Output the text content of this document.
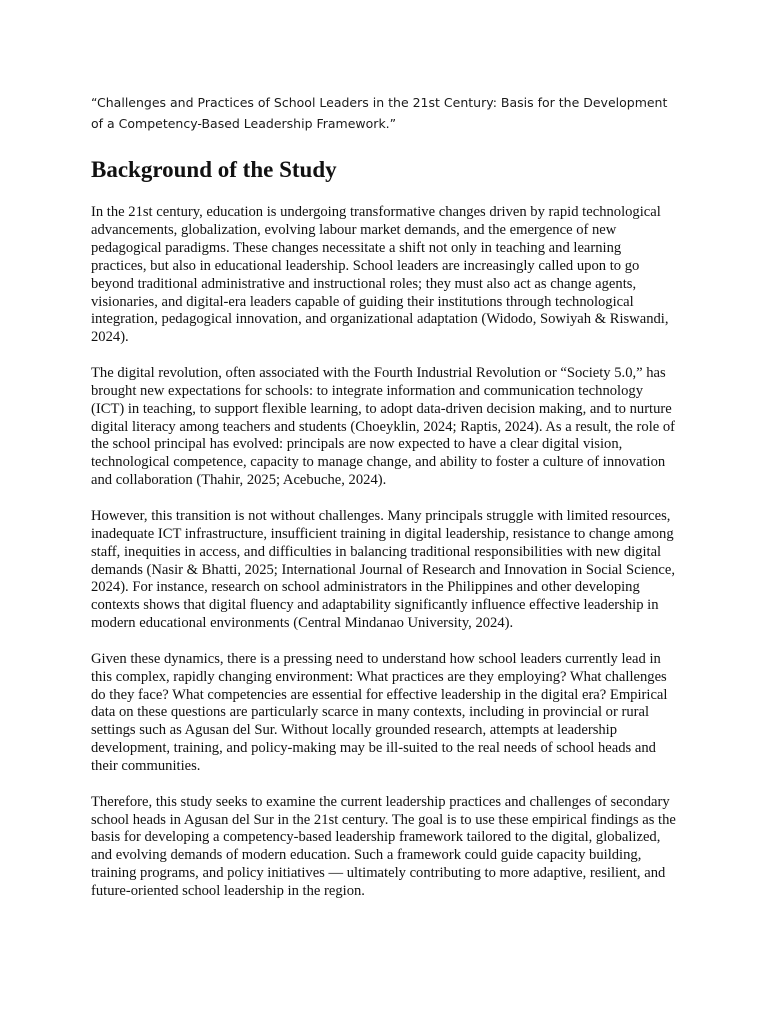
“Challenges and Practices of School Leaders in the 21st Century: Basis for the Development of a Competency-Based Leadership Framework.”

Background of the Study

In the 21st century, education is undergoing transformative changes driven by rapid technological advancements, globalization, evolving labour market demands, and the emergence of new pedagogical paradigms. These changes necessitate a shift not only in teaching and learning practices, but also in educational leadership. School leaders are increasingly called upon to go beyond traditional administrative and instructional roles; they must also act as change agents, visionaries, and digital-era leaders capable of guiding their institutions through technological integration, pedagogical innovation, and organizational adaptation (Widodo, Sowiyah & Riswandi, 2024).

The digital revolution, often associated with the Fourth Industrial Revolution or “Society 5.0,” has brought new expectations for schools: to integrate information and communication technology (ICT) in teaching, to support flexible learning, to adopt data-driven decision making, and to nurture digital literacy among teachers and students (Choeyklin, 2024; Raptis, 2024). As a result, the role of the school principal has evolved: principals are now expected to have a clear digital vision, technological competence, capacity to manage change, and ability to foster a culture of innovation and collaboration (Thahir, 2025; Acebuche, 2024).

However, this transition is not without challenges. Many principals struggle with limited resources, inadequate ICT infrastructure, insufficient training in digital leadership, resistance to change among staff, inequities in access, and difficulties in balancing traditional responsibilities with new digital demands (Nasir & Bhatti, 2025; International Journal of Research and Innovation in Social Science, 2024). For instance, research on school administrators in the Philippines and other developing contexts shows that digital fluency and adaptability significantly influence effective leadership in modern educational environments (Central Mindanao University, 2024).

Given these dynamics, there is a pressing need to understand how school leaders currently lead in this complex, rapidly changing environment: What practices are they employing? What challenges do they face? What competencies are essential for effective leadership in the digital era? Empirical data on these questions are particularly scarce in many contexts, including in provincial or rural settings such as Agusan del Sur. Without locally grounded research, attempts at leadership development, training, and policy-making may be ill-suited to the real needs of school heads and their communities.

Therefore, this study seeks to examine the current leadership practices and challenges of secondary school heads in Agusan del Sur in the 21st century. The goal is to use these empirical findings as the basis for developing a competency-based leadership framework tailored to the digital, globalized, and evolving demands of modern education. Such a framework could guide capacity building, training programs, and policy initiatives — ultimately contributing to more adaptive, resilient, and future-oriented school leadership in the region.
